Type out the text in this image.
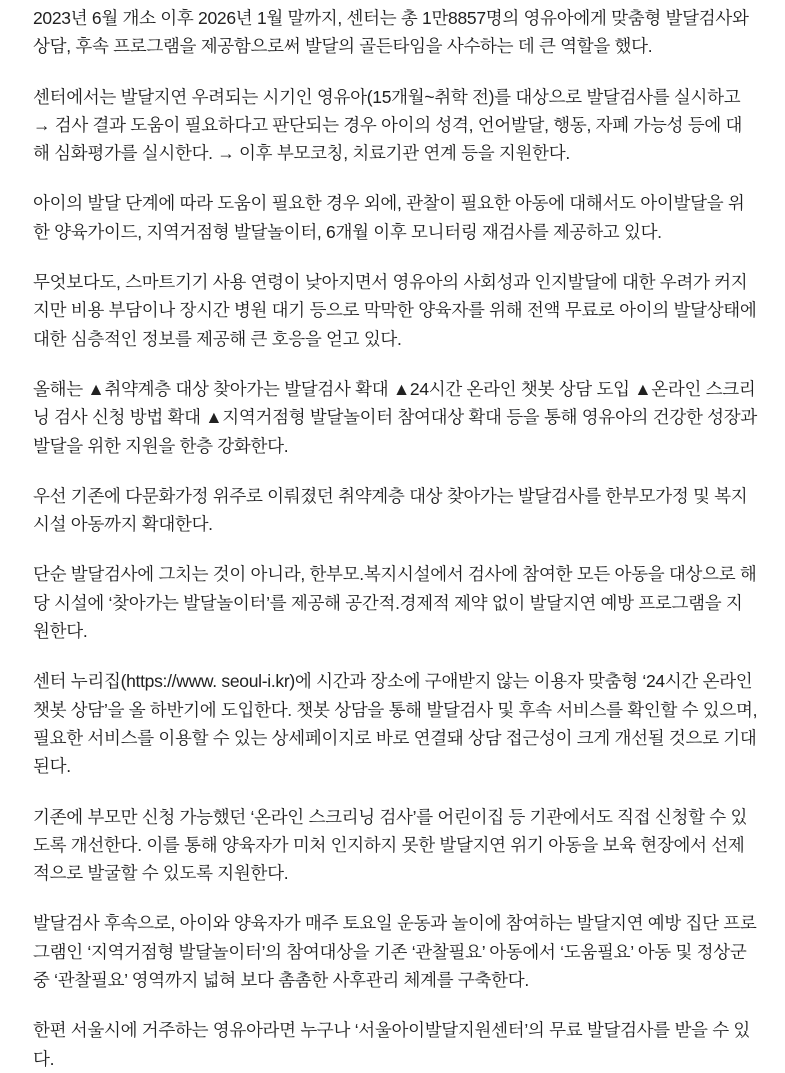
2023년 6월 개소 이후 2026년 1월 말까지, 센터는 총 1만8857명의 영유아에게 맞춤형 발달검사와 상담, 후속 프로그램을 제공함으로써 발달의 골든타임을 사수하는 데 큰 역할을 했다.

센터에서는 발달지연 우려되는 시기인 영유아(15개월~취학 전)를 대상으로 발달검사를 실시하고 → 검사 결과 도움이 필요하다고 판단되는 경우 아이의 성격, 언어발달, 행동, 자폐 가능성 등에 대해 심화평가를 실시한다. → 이후 부모코칭, 치료기관 연계 등을 지원한다.

아이의 발달 단계에 따라 도움이 필요한 경우 외에, 관찰이 필요한 아동에 대해서도 아이발달을 위한 양육가이드, 지역거점형 발달놀이터, 6개월 이후 모니터링 재검사를 제공하고 있다.

무엇보다도, 스마트기기 사용 연령이 낮아지면서 영유아의 사회성과 인지발달에 대한 우려가 커지지만 비용 부담이나 장시간 병원 대기 등으로 막막한 양육자를 위해 전액 무료로 아이의 발달상태에 대한 심층적인 정보를 제공해 큰 호응을 얻고 있다.

올해는 ▲취약계층 대상 찾아가는 발달검사 확대 ▲24시간 온라인 챗봇 상담 도입 ▲온라인 스크리닝 검사 신청 방법 확대 ▲지역거점형 발달놀이터 참여대상 확대 등을 통해 영유아의 건강한 성장과 발달을 위한 지원을 한층 강화한다.

우선 기존에 다문화가정 위주로 이뤄졌던 취약계층 대상 찾아가는 발달검사를 한부모가정 및 복지시설 아동까지 확대한다.

단순 발달검사에 그치는 것이 아니라, 한부모.복지시설에서 검사에 참여한 모든 아동을 대상으로 해당 시설에 ‘찾아가는 발달놀이터’를 제공해 공간적.경제적 제약 없이 발달지연 예방 프로그램을 지원한다.

센터 누리집(https://www. seoul-i.kr)에 시간과 장소에 구애받지 않는 이용자 맞춤형 ‘24시간 온라인 챗봇 상담’을 올 하반기에 도입한다. 챗봇 상담을 통해 발달검사 및 후속 서비스를 확인할 수 있으며, 필요한 서비스를 이용할 수 있는 상세페이지로 바로 연결돼 상담 접근성이 크게 개선될 것으로 기대된다.

기존에 부모만 신청 가능했던 ‘온라인 스크리닝 검사’를 어린이집 등 기관에서도 직접 신청할 수 있도록 개선한다. 이를 통해 양육자가 미처 인지하지 못한 발달지연 위기 아동을 보육 현장에서 선제적으로 발굴할 수 있도록 지원한다.

발달검사 후속으로, 아이와 양육자가 매주 토요일 운동과 놀이에 참여하는 발달지연 예방 집단 프로그램인 ‘지역거점형 발달놀이터’의 참여대상을 기존 ‘관찰필요’ 아동에서 ‘도움필요’ 아동 및 정상군 중 ‘관찰필요’ 영역까지 넓혀 보다 촘촘한 사후관리 체계를 구축한다.

한편 서울시에 거주하는 영유아라면 누구나 ‘서울아이발달지원센터’의 무료 발달검사를 받을 수 있다.
